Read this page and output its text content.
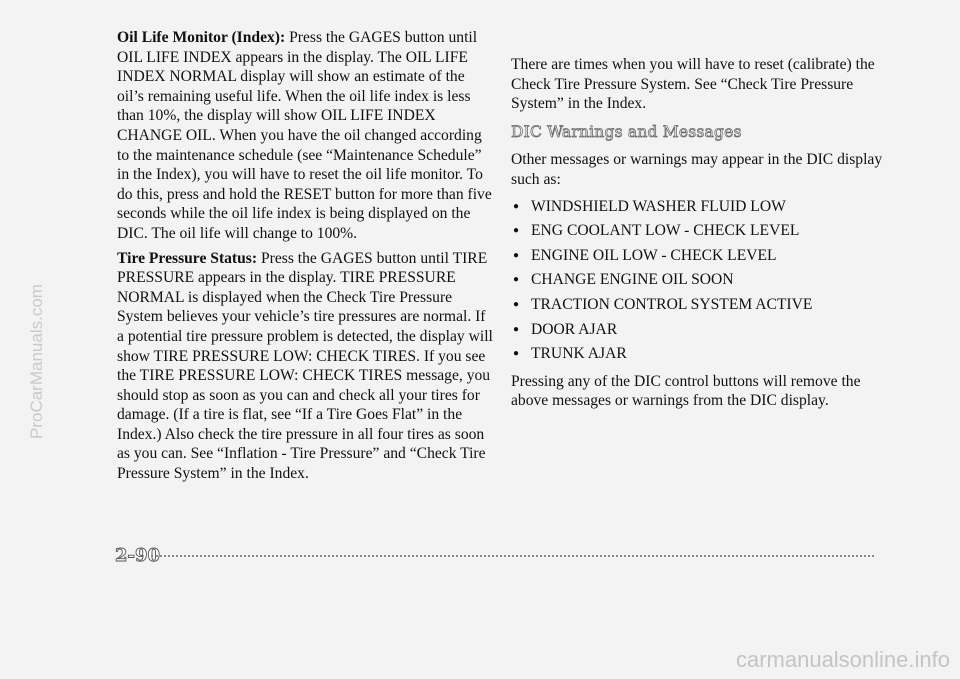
ProCarManuals.com

Oil Life Monitor (Index): Press the GAGES button until OIL LIFE INDEX appears in the display. The OIL LIFE INDEX NORMAL display will show an estimate of the oil’s remaining useful life. When the oil life index is less than 10%, the display will show OIL LIFE INDEX CHANGE OIL. When you have the oil changed according to the maintenance schedule (see “Maintenance Schedule” in the Index), you will have to reset the oil life monitor. To do this, press and hold the RESET button for more than five seconds while the oil life index is being displayed on the DIC. The oil life will change to 100%.

Tire Pressure Status: Press the GAGES button until TIRE PRESSURE appears in the display. TIRE PRESSURE NORMAL is displayed when the Check Tire Pressure System believes your vehicle’s tire pressures are normal. If a potential tire pressure problem is detected, the display will show TIRE PRESSURE LOW: CHECK TIRES. If you see the TIRE PRESSURE LOW: CHECK TIRES message, you should stop as soon as you can and check all your tires for damage. (If a tire is flat, see “If a Tire Goes Flat” in the Index.) Also check the tire pressure in all four tires as soon as you can. See “Inflation - Tire Pressure” and “Check Tire Pressure System” in the Index.

There are times when you will have to reset (calibrate) the Check Tire Pressure System. See “Check Tire Pressure System” in the Index.

DIC Warnings and Messages

Other messages or warnings may appear in the DIC display such as:

● WINDSHIELD WASHER FLUID LOW
● ENG COOLANT LOW - CHECK LEVEL
● ENGINE OIL LOW - CHECK LEVEL
● CHANGE ENGINE OIL SOON
● TRACTION CONTROL SYSTEM ACTIVE
● DOOR AJAR
● TRUNK AJAR

Pressing any of the DIC control buttons will remove the above messages or warnings from the DIC display.

2-90
carmanualsonline.info
